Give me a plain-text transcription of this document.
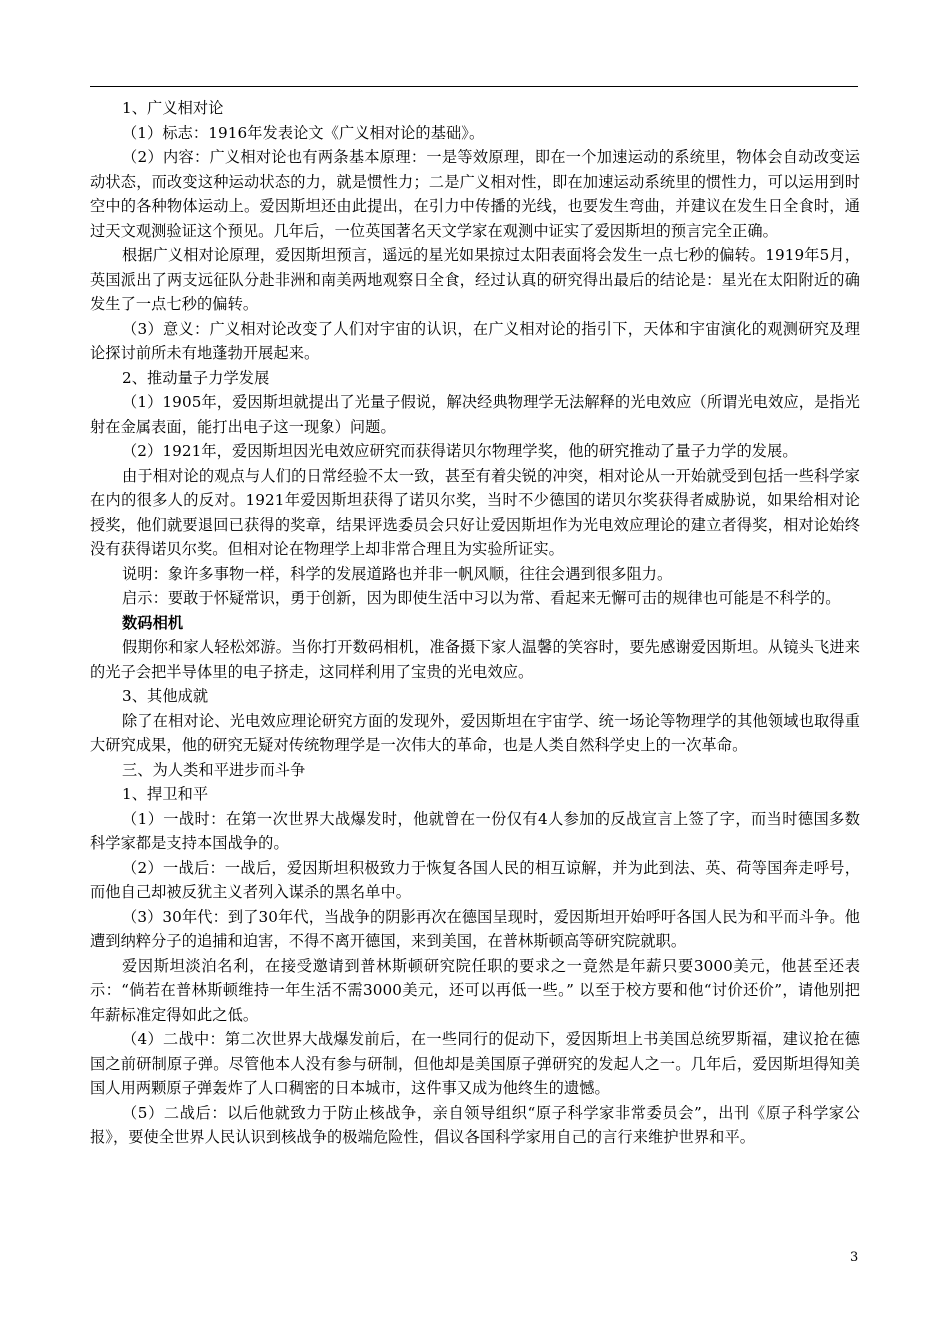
1、广义相对论

（1）标志：1916年发表论文《广义相对论的基础》。

（2）内容：广义相对论也有两条基本原理：一是等效原理，即在一个加速运动的系统里，物体会自动改变运动状态，而改变这种运动状态的力，就是惯性力；二是广义相对性，即在加速运动系统里的惯性力，可以运用到时空中的各种物体运动上。爱因斯坦还由此提出，在引力中传播的光线，也要发生弯曲，并建议在发生日全食时，通过天文观测验证这个预见。几年后，一位英国著名天文学家在观测中证实了爱因斯坦的预言完全正确。

根据广义相对论原理，爱因斯坦预言，遥远的星光如果掠过太阳表面将会发生一点七秒的偏转。1919年5月，英国派出了两支远征队分赴非洲和南美两地观察日全食，经过认真的研究得出最后的结论是：星光在太阳附近的确发生了一点七秒的偏转。

（3）意义：广义相对论改变了人们对宇宙的认识，在广义相对论的指引下，天体和宇宙演化的观测研究及理论探讨前所未有地蓬勃开展起来。

2、推动量子力学发展

（1）1905年，爱因斯坦就提出了光量子假说，解决经典物理学无法解释的光电效应（所谓光电效应，是指光射在金属表面，能打出电子这一现象）问题。

（2）1921年，爱因斯坦因光电效应研究而获得诺贝尔物理学奖，他的研究推动了量子力学的发展。

由于相对论的观点与人们的日常经验不太一致，甚至有着尖锐的冲突，相对论从一开始就受到包括一些科学家在内的很多人的反对。1921年爱因斯坦获得了诺贝尔奖，当时不少德国的诺贝尔奖获得者威胁说，如果给相对论授奖，他们就要退回已获得的奖章，结果评选委员会只好让爱因斯坦作为光电效应理论的建立者得奖，相对论始终没有获得诺贝尔奖。但相对论在物理学上却非常合理且为实验所证实。

说明：象许多事物一样，科学的发展道路也并非一帆风顺，往往会遇到很多阻力。

启示：要敢于怀疑常识，勇于创新，因为即使生活中习以为常、看起来无懈可击的规律也可能是不科学的。

数码相机

假期你和家人轻松郊游。当你打开数码相机，准备摄下家人温馨的笑容时，要先感谢爱因斯坦。从镜头飞进来的光子会把半导体里的电子挤走，这同样利用了宝贵的光电效应。

3、其他成就

除了在相对论、光电效应理论研究方面的发现外，爱因斯坦在宇宙学、统一场论等物理学的其他领域也取得重大研究成果，他的研究无疑对传统物理学是一次伟大的革命，也是人类自然科学史上的一次革命。

三、为人类和平进步而斗争

1、捍卫和平

（1）一战时：在第一次世界大战爆发时，他就曾在一份仅有4人参加的反战宣言上签了字，而当时德国多数科学家都是支持本国战争的。

（2）一战后：一战后，爱因斯坦积极致力于恢复各国人民的相互谅解，并为此到法、英、荷等国奔走呼号，而他自己却被反犹主义者列入谋杀的黑名单中。

（3）30年代：到了30年代，当战争的阴影再次在德国呈现时，爱因斯坦开始呼吁各国人民为和平而斗争。他遭到纳粹分子的追捕和迫害，不得不离开德国，来到美国，在普林斯顿高等研究院就职。

爱因斯坦淡泊名利，在接受邀请到普林斯顿研究院任职的要求之一竟然是年薪只要3000美元，他甚至还表示：“倘若在普林斯顿维持一年生活不需3000美元，还可以再低一些。” 以至于校方要和他“讨价还价”，请他别把年薪标准定得如此之低。

（4）二战中：第二次世界大战爆发前后，在一些同行的促动下，爱因斯坦上书美国总统罗斯福，建议抢在德国之前研制原子弹。尽管他本人没有参与研制，但他却是美国原子弹研究的发起人之一。几年后，爱因斯坦得知美国人用两颗原子弹轰炸了人口稠密的日本城市，这件事又成为他终生的遗憾。

（5）二战后：以后他就致力于防止核战争，亲自领导组织“原子科学家非常委员会”，出刊《原子科学家公报》，要使全世界人民认识到核战争的极端危险性，倡议各国科学家用自己的言行来维护世界和平。

3
